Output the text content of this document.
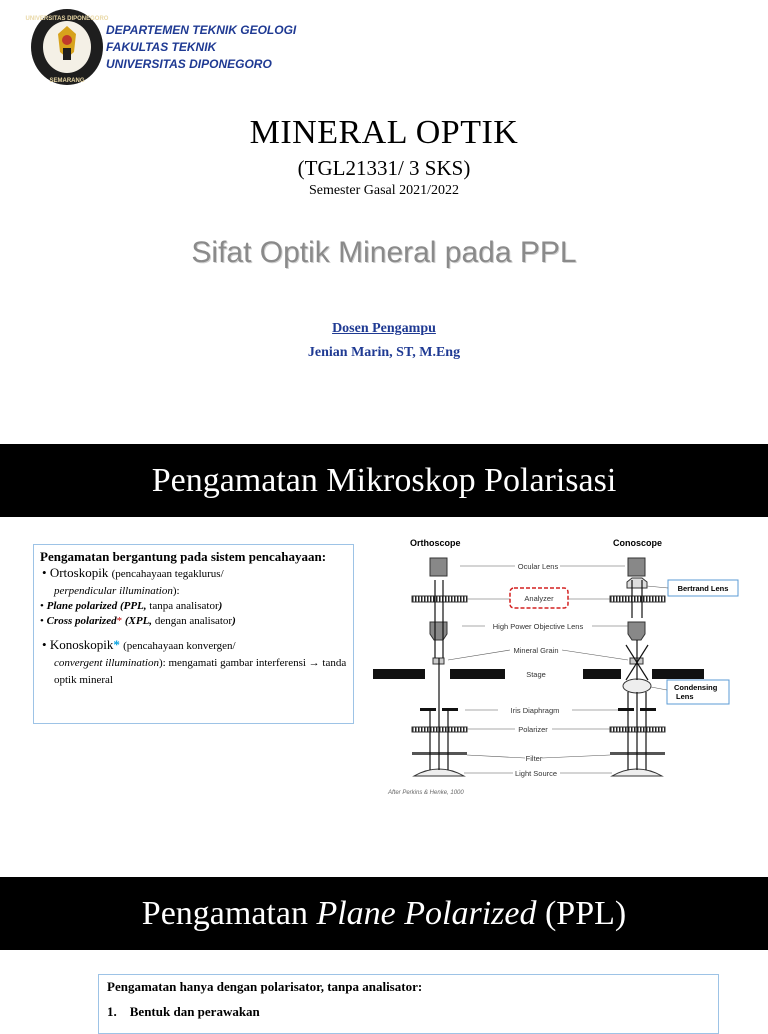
UNIVERSITAS DIPONEGORO
SEMARANG
DEPARTEMEN TEKNIK GEOLOGI
FAKULTAS TEKNIK
UNIVERSITAS DIPONEGORO
MINERAL OPTIK
(TGL21331/ 3 SKS)
Semester Gasal 2021/2022
Sifat Optik Mineral pada PPL
Dosen Pengampu
Jenian Marin, ST, M.Eng
Pengamatan Mikroskop Polarisasi

Pengamatan bergantung pada sistem pencahayaan:

• Ortoskopik (pencahayaan tegaklurus/
perpendicular illumination):

• Plane polarized (PPL, tanpa analisator)

• Cross polarized* (XPL, dengan analisator)

• Konoskopik* (pencahayaan konvergen/
convergent illumination): mengamati gambar interferensi → tanda optik mineral

Orthoscope	Conoscope
Ocular Lens
Analyzer
High Power Objective Lens
Mineral Grain
Stage
Iris Diaphragm
Polarizer
Filter
Light Source
Bertrand Lens
Condensing
Lens
After Perkins & Henke, 1000
Pengamatan Plane Polarized (PPL)

Pengamatan hanya dengan polarisator, tanpa analisator:

1.    Bentuk dan perawakan
